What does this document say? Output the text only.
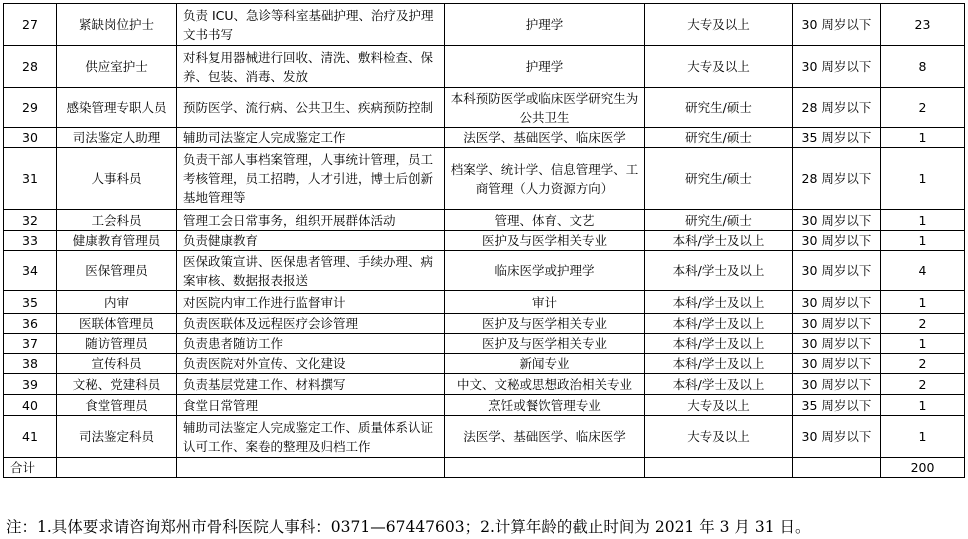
27	紧缺岗位护士	负责 ICU、急诊等科室基础护理、治疗及护理文书书写	护理学	大专及以上	30 周岁以下	23
28	供应室护士	对科复用器械进行回收、清洗、敷料检查、保养、包装、消毒、发放	护理学	大专及以上	30 周岁以下	8
29	感染管理专职人员	预防医学、流行病、公共卫生、疾病预防控制	本科预防医学或临床医学研究生为公共卫生	研究生/硕士	28 周岁以下	2
30	司法鉴定人助理	辅助司法鉴定人完成鉴定工作	法医学、基础医学、临床医学	研究生/硕士	35 周岁以下	1
31	人事科员	负责干部人事档案管理，人事统计管理，员工考核管理，员工招聘，人才引进，博士后创新基地管理等	档案学、统计学、信息管理学、工商管理（人力资源方向）	研究生/硕士	28 周岁以下	1
32	工会科员	管理工会日常事务，组织开展群体活动	管理、体育、文艺	研究生/硕士	30 周岁以下	1
33	健康教育管理员	负责健康教育	医护及与医学相关专业	本科/学士及以上	30 周岁以下	1
34	医保管理员	医保政策宣讲、医保患者管理、手续办理、病案审核、数据报表报送	临床医学或护理学	本科/学士及以上	30 周岁以下	4
35	内审	对医院内审工作进行监督审计	审计	本科/学士及以上	30 周岁以下	1
36	医联体管理员	负责医联体及远程医疗会诊管理	医护及与医学相关专业	本科/学士及以上	30 周岁以下	2
37	随访管理员	负责患者随访工作	医护及与医学相关专业	本科/学士及以上	30 周岁以下	1
38	宣传科员	负责医院对外宣传、文化建设	新闻专业	本科/学士及以上	30 周岁以下	2
39	文秘、党建科员	负责基层党建工作、材料撰写	中文、文秘或思想政治相关专业	本科/学士及以上	30 周岁以下	2
40	食堂管理员	食堂日常管理	烹饪或餐饮管理专业	大专及以上	35 周岁以下	1
41	司法鉴定科员	辅助司法鉴定人完成鉴定工作、质量体系认证认可工作、案卷的整理及归档工作	法医学、基础医学、临床医学	大专及以上	30 周岁以下	1
合计						200
注：1.具体要求请咨询郑州市骨科医院人事科：0371—67447603；2.计算年龄的截止时间为 2021 年 3 月 31 日。
